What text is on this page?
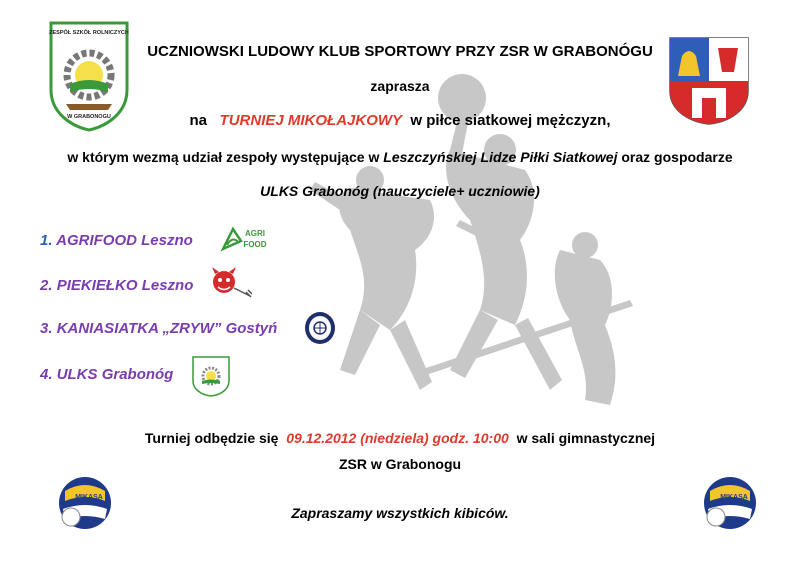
ZESPÓŁ SZKÓŁ ROLNICZYCH
W GRABONOGU
UCZNIOWSKI LUDOWY KLUB SPORTOWY PRZY ZSR W GRABONÓGU
zaprasza
na TURNIEJ MIKOŁAJKOWY w piłce siatkowej mężczyzn,
w którym wezmą udział zespoły występujące w Leszczyńskiej Lidze Piłki Siatkowej oraz gospodarze
ULKS Grabonóg (nauczyciele+ uczniowie)
1. AGRIFOOD Leszno	AGRI
FOOD
2. PIEKIEŁKO Leszno
3. KANIASIATKA „ZRYW” Gostyń
4. ULKS Grabonóg
Turniej odbędzie się 09.12.2012 (niedziela) godz. 10:00 w sali gimnastycznej
ZSR w Grabonogu
Zapraszamy wszystkich kibiców.
MIKASA	MIKASA
